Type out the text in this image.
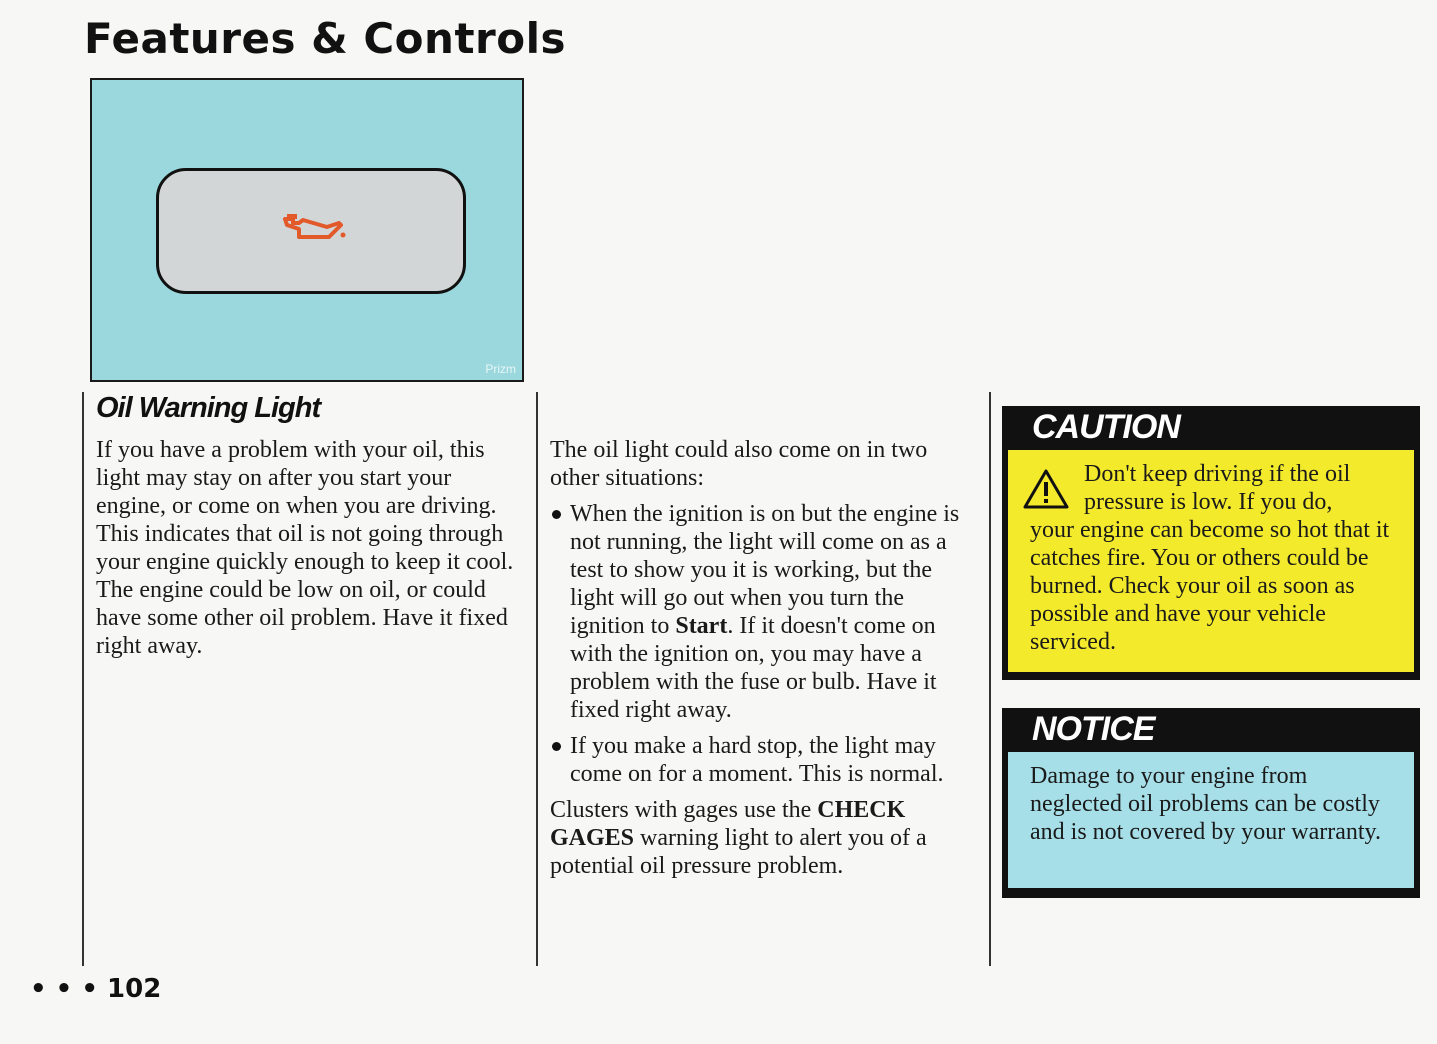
Features & Controls
Prizm
Oil Warning Light
If you have a problem with your oil, this light may stay on after you start your engine, or come on when you are driving. This indicates that oil is not going through your engine quickly enough to keep it cool. The engine could be low on oil, or could have some other oil problem. Have it fixed right away.

The oil light could also come on in two other situations:

When the ignition is on but the engine is not running, the light will come on as a test to show you it is working, but the light will go out when you turn the ignition to Start. If it doesn't come on with the ignition on, you may have a problem with the fuse or bulb. Have it fixed right away.
If you make a hard stop, the light may come on for a moment. This is normal.

Clusters with gages use the CHECK GAGES warning light to alert you of a potential oil pressure problem.

CAUTION
Don't keep driving if the oil pressure is low. If you do,
your engine can become so hot that it catches fire. You or others could be burned. Check your oil as soon as possible and have your vehicle serviced.
NOTICE
Damage to your engine from neglected oil problems can be costly and is not covered by your warranty.
• • • 102
